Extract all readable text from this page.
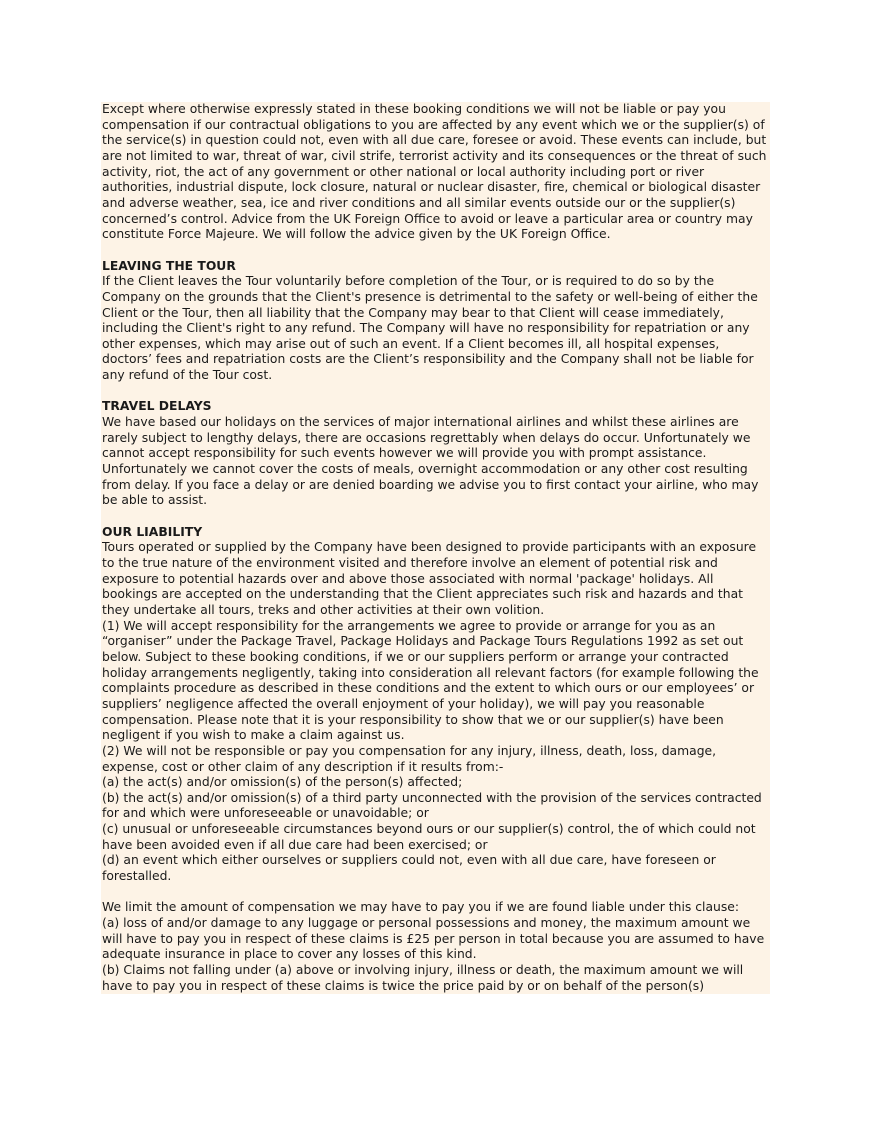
Except where otherwise expressly stated in these booking conditions we will not be liable or pay you compensation if our contractual obligations to you are affected by any event which we or the supplier(s) of the service(s) in question could not, even with all due care, foresee or avoid. These events can include, but are not limited to war, threat of war, civil strife, terrorist activity and its consequences or the threat of such activity, riot, the act of any government or other national or local authority including port or river authorities, industrial dispute, lock closure, natural or nuclear disaster, fire, chemical or biological disaster and adverse weather, sea, ice and river conditions and all similar events outside our or the supplier(s) concerned’s control. Advice from the UK Foreign Office to avoid or leave a particular area or country may constitute Force Majeure. We will follow the advice given by the UK Foreign Office.

LEAVING THE TOUR

If the Client leaves the Tour voluntarily before completion of the Tour, or is required to do so by the Company on the grounds that the Client's presence is detrimental to the safety or well-being of either the Client or the Tour, then all liability that the Company may bear to that Client will cease immediately, including the Client's right to any refund. The Company will have no responsibility for repatriation or any other expenses, which may arise out of such an event. If a Client becomes ill, all hospital expenses, doctors’ fees and repatriation costs are the Client’s responsibility and the Company shall not be liable for any refund of the Tour cost.

TRAVEL DELAYS

We have based our holidays on the services of major international airlines and whilst these airlines are rarely subject to lengthy delays, there are occasions regrettably when delays do occur. Unfortunately we cannot accept responsibility for such events however we will provide you with prompt assistance. Unfortunately we cannot cover the costs of meals, overnight accommodation or any other cost resulting from delay. If you face a delay or are denied boarding we advise you to first contact your airline, who may be able to assist.

OUR LIABILITY

Tours operated or supplied by the Company have been designed to provide participants with an exposure to the true nature of the environment visited and therefore involve an element of potential risk and exposure to potential hazards over and above those associated with normal 'package' holidays. All bookings are accepted on the understanding that the Client appreciates such risk and hazards and that they undertake all tours, treks and other activities at their own volition.

(1) We will accept responsibility for the arrangements we agree to provide or arrange for you as an “organiser” under the Package Travel, Package Holidays and Package Tours Regulations 1992 as set out below. Subject to these booking conditions, if we or our suppliers perform or arrange your contracted holiday arrangements negligently, taking into consideration all relevant factors (for example following the complaints procedure as described in these conditions and the extent to which ours or our employees’ or suppliers’ negligence affected the overall enjoyment of your holiday), we will pay you reasonable compensation. Please note that it is your responsibility to show that we or our supplier(s) have been negligent if you wish to make a claim against us.

(2) We will not be responsible or pay you compensation for any injury, illness, death, loss, damage, expense, cost or other claim of any description if it results from:-

(a) the act(s) and/or omission(s) of the person(s) affected;

(b) the act(s) and/or omission(s) of a third party unconnected with the provision of the services contracted for and which were unforeseeable or unavoidable; or

(c) unusual or unforeseeable circumstances beyond ours or our supplier(s) control, the of which could not have been avoided even if all due care had been exercised; or

(d) an event which either ourselves or suppliers could not, even with all due care, have foreseen or forestalled.

We limit the amount of compensation we may have to pay you if we are found liable under this clause:

(a) loss of and/or damage to any luggage or personal possessions and money, the maximum amount we will have to pay you in respect of these claims is £25 per person in total because you are assumed to have adequate insurance in place to cover any losses of this kind.

(b) Claims not falling under (a) above or involving injury, illness or death, the maximum amount we will have to pay you in respect of these claims is twice the price paid by or on behalf of the person(s)
